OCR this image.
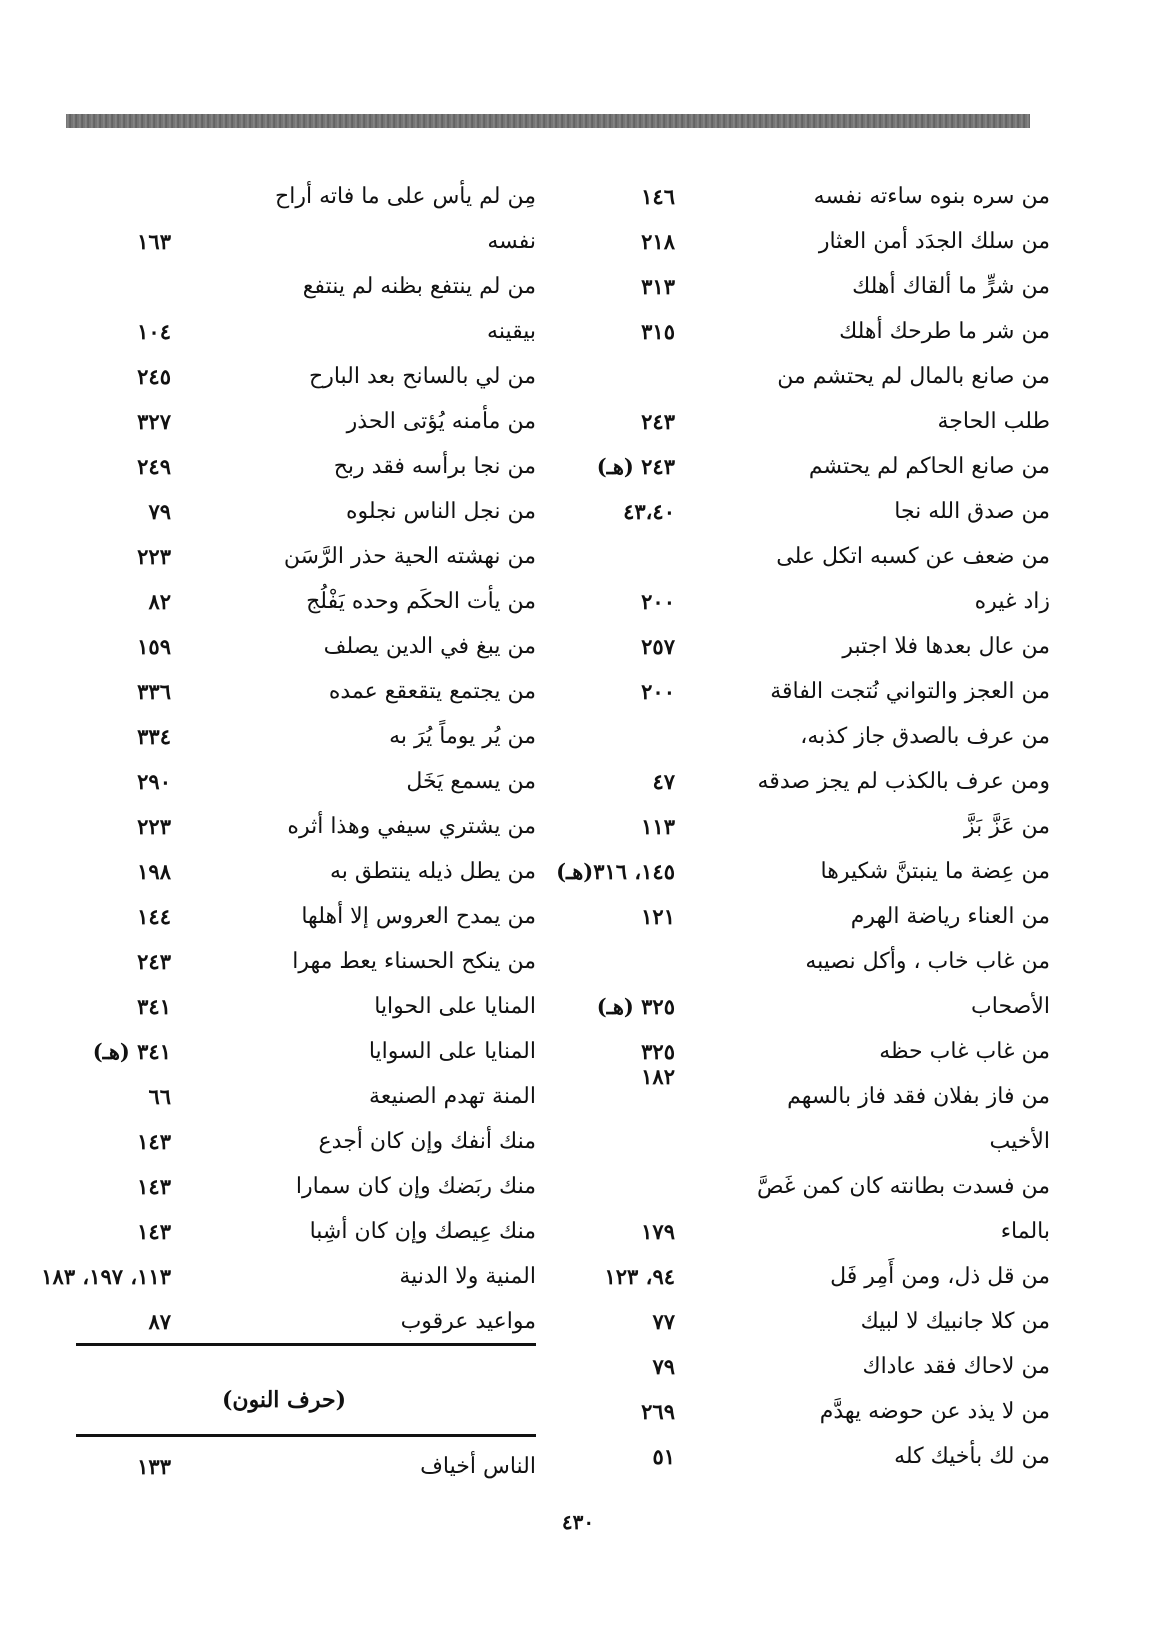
من سره بنوه ساءته نفسه
١٤٦
من سلك الجدَد أمن العثار
٢١٨
من شرٍّ ما ألقاك أهلك
٣١٣
من شر ما طرحك أهلك
٣١٥
من صانع بالمال لم يحتشم من
طلب الحاجة
٢٤٣
من صانع الحاكم لم يحتشم
٢٤٣ (هـ)
من صدق الله نجا
٤٣،٤٠
من ضعف عن كسبه اتكل على
زاد غيره
٢٠٠
من عال بعدها فلا اجتبر
٢٥٧
من العجز والتواني نُتجت الفاقة
٢٠٠
من عرف بالصدق جاز كذبه،
ومن عرف بالكذب لم يجز صدقه
٤٧
من عَزَّ بَزَّ
١١٣
من عِضة ما ينبتنَّ شكيرها
١٤٥، ٣١٦(هـ)
من العناء رياضة الهرم
١٢١
من غاب خاب ، وأكل نصيبه
الأصحاب
٣٢٥ (هـ)
من غاب غاب حظه
٣٢٥
من فاز بفلان فقد فاز بالسهم
١٨٢
الأخيب
من فسدت بطانته كان كمن غَصَّ
بالماء
١٧٩
من قل ذل، ومن أَمِر فَل
٩٤، ١٢٣
من كلا جانبيك لا لبيك
٧٧
من لاحاك فقد عاداك
٧٩
من لا يذد عن حوضه يهدَّم
٢٦٩
من لك بأخيك كله
٥١
مِن لم يأس على ما فاته أراح
نفسه
١٦٣
من لم ينتفع بظنه لم ينتفع
بيقينه
١٠٤
من لي بالسانح بعد البارح
٢٤٥
من مأمنه يُؤتى الحذر
٣٢٧
من نجا برأسه فقد ربح
٢٤٩
من نجل الناس نجلوه
٧٩
من نهشته الحية حذر الرَّسَن
٢٢٣
من يأت الحكَم وحده يَفْلُج
٨٢
من يبغ في الدين يصلف
١٥٩
من يجتمع يتقعقع عمده
٣٣٦
من يُر يوماً يُرَ به
٣٣٤
من يسمع يَخَل
٢٩٠
من يشتري سيفي وهذا أثره
٢٢٣
من يطل ذيله ينتطق به
١٩٨
من يمدح العروس إلا أهلها
١٤٤
من ينكح الحسناء يعط مهرا
٢٤٣
المنايا على الحوايا
٣٤١
المنايا على السوايا
٣٤١ (هـ)
المنة تهدم الصنيعة
٦٦
منك أنفك وإن كان أجدع
١٤٣
منك ربَضك وإن كان سمارا
١٤٣
منك عِيصك وإن كان أشِبا
١٤٣
المنية ولا الدنية
١١٣، ١٩٧، ١٨٣
مواعيد عرقوب
٨٧
(حرف النون)
الناس أخياف
١٣٣
٤٣٠
